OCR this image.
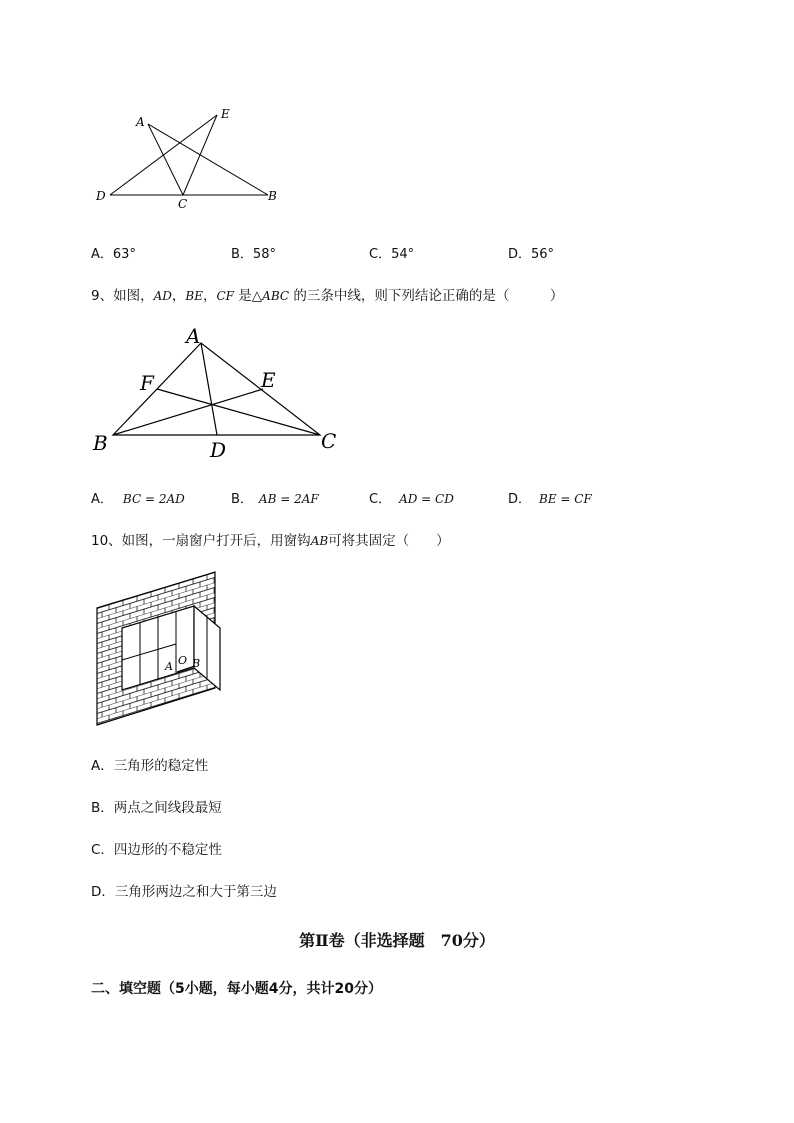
A
E
D
C
B
A．63°	B．58°	C．54°	D．56°
9、如图，AD，BE，CF 是△ABC 的三条中线，则下列结论正确的是（　　　）
A
F	E
B	D	C
A． BC = 2AD	B． AB = 2AF	C． AD = CD	D． BE = CF
10、如图，一扇窗户打开后，用窗钩AB可将其固定（　　）
A O B
A．三角形的稳定性
B．两点之间线段最短
C．四边形的不稳定性
D．三角形两边之和大于第三边
第Ⅱ卷（非选择题　70分）
二、填空题（5小题，每小题4分，共计20分）
